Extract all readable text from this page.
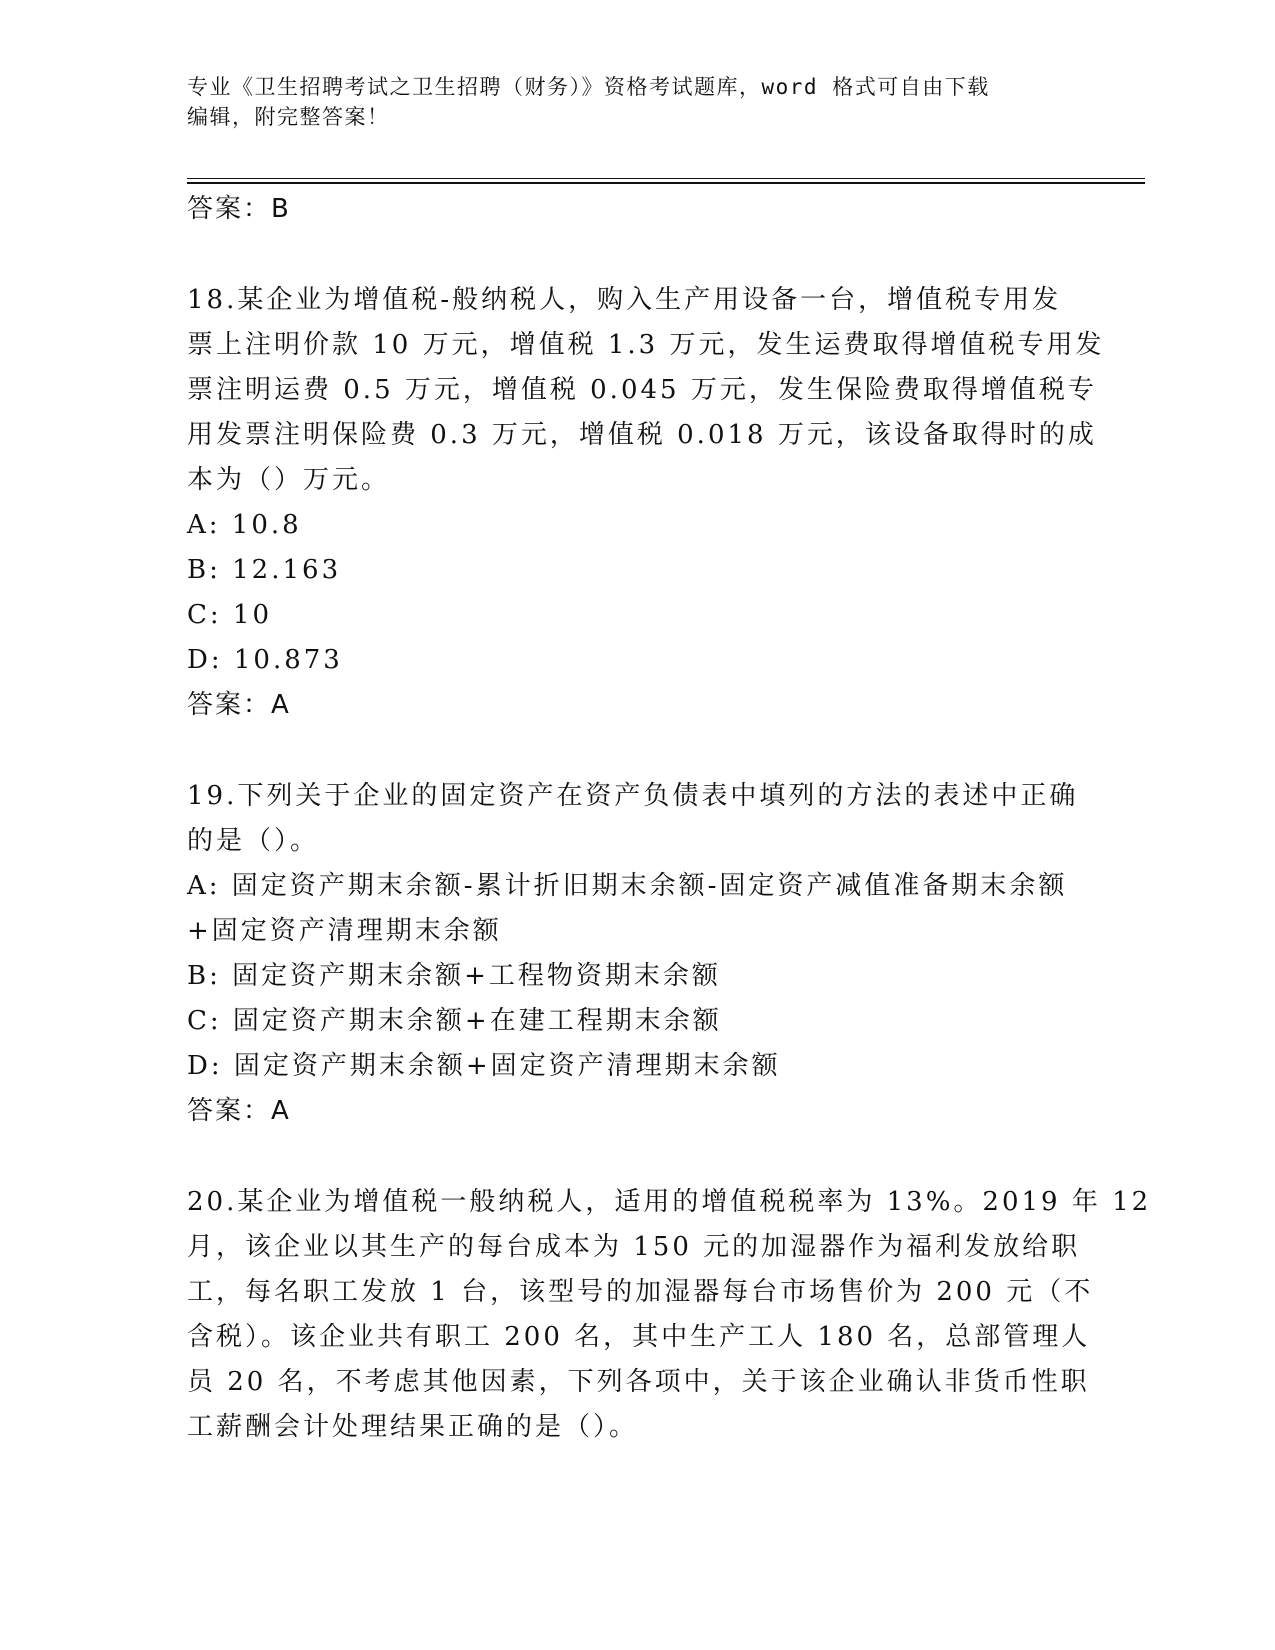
专业《卫生招聘考试之卫生招聘（财务）》资格考试题库，word 格式可自由下载
编辑，附完整答案！
答案：B
18.某企业为增值税-般纳税人，购入生产用设备一台，增值税专用发
票上注明价款 10 万元，增值税 1.3 万元，发生运费取得增值税专用发
票注明运费 0.5 万元，增值税 0.045 万元，发生保险费取得增值税专
用发票注明保险费 0.3 万元，增值税 0.018 万元，该设备取得时的成
本为（）万元。
A: 10.8
B: 12.163
C: 10
D: 10.873
答案：A
19.下列关于企业的固定资产在资产负债表中填列的方法的表述中正确
的是（）。
A: 固定资产期末余额-累计折旧期末余额-固定资产减值准备期末余额
+固定资产清理期末余额
B: 固定资产期末余额+工程物资期末余额
C: 固定资产期末余额+在建工程期末余额
D: 固定资产期末余额+固定资产清理期末余额
答案：A
20.某企业为增值税一般纳税人，适用的增值税税率为 13%。2019 年 12
月，该企业以其生产的每台成本为 150 元的加湿器作为福利发放给职
工，每名职工发放 1 台，该型号的加湿器每台市场售价为 200 元（不
含税）。该企业共有职工 200 名，其中生产工人 180 名，总部管理人
员 20 名，不考虑其他因素，下列各项中，关于该企业确认非货币性职
工薪酬会计处理结果正确的是（）。
